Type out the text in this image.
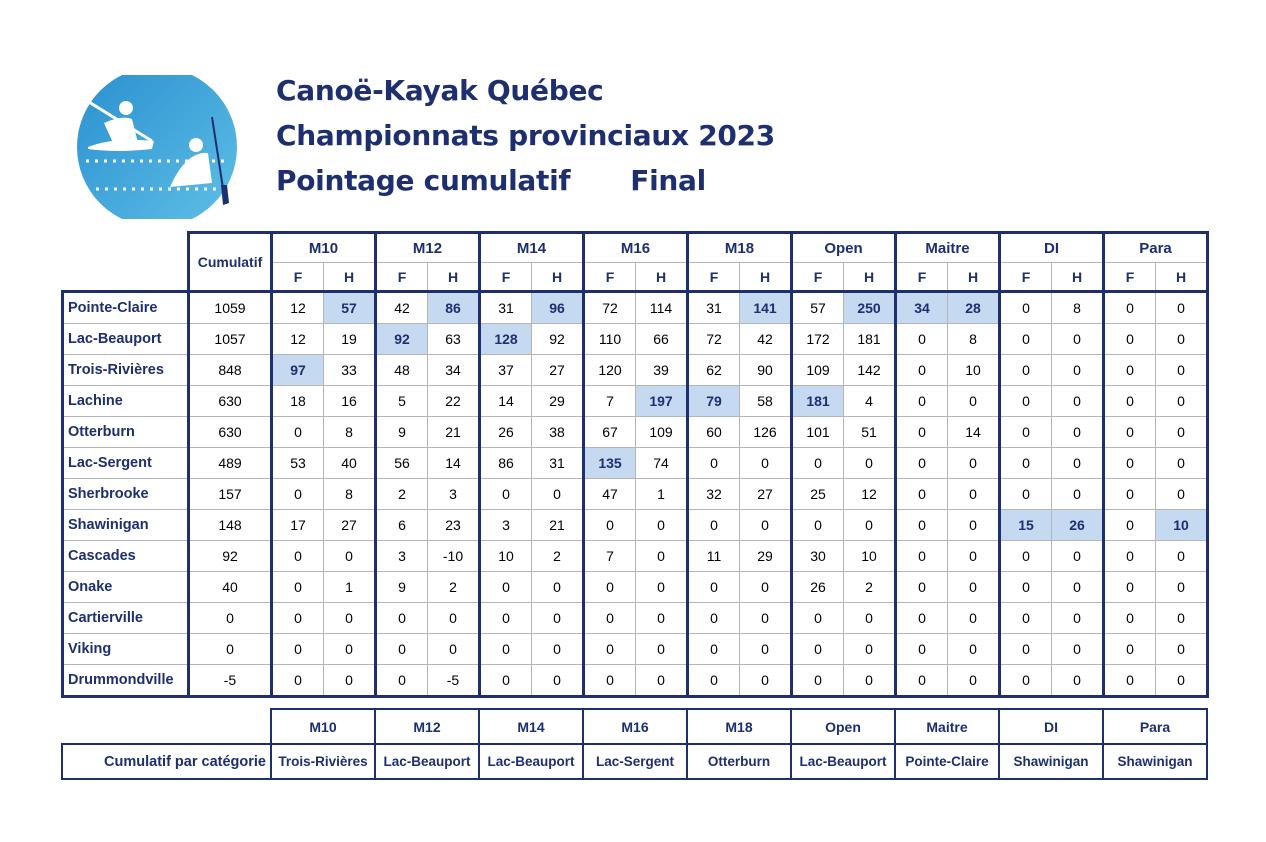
Canoë-Kayak Québec
Championnats provinciaux 2023
Pointage cumulatif Final
	Cumulatif	M10		M12		M14		M16		M18		Open		Maitre		DI		Para	
		F	H	F	H	F	H	F	H	F	H	F	H	F	H	F	H	F	H
Pointe-Claire	1059	12	57	42	86	31	96	72	114	31	141	57	250	34	28	0	8	0	0
Lac-Beauport	1057	12	19	92	63	128	92	110	66	72	42	172	181	0	8	0	0	0	0
Trois-Rivières	848	97	33	48	34	37	27	120	39	62	90	109	142	0	10	0	0	0	0
Lachine	630	18	16	5	22	14	29	7	197	79	58	181	4	0	0	0	0	0	0
Otterburn	630	0	8	9	21	26	38	67	109	60	126	101	51	0	14	0	0	0	0
Lac-Sergent	489	53	40	56	14	86	31	135	74	0	0	0	0	0	0	0	0	0	0
Sherbrooke	157	0	8	2	3	0	0	47	1	32	27	25	12	0	0	0	0	0	0
Shawinigan	148	17	27	6	23	3	21	0	0	0	0	0	0	0	0	15	26	0	10
Cascades	92	0	0	3	-10	10	2	7	0	11	29	30	10	0	0	0	0	0	0
Onake	40	0	1	9	2	0	0	0	0	0	0	26	2	0	0	0	0	0	0
Cartierville	0	0	0	0	0	0	0	0	0	0	0	0	0	0	0	0	0	0	0
Viking	0	0	0	0	0	0	0	0	0	0	0	0	0	0	0	0	0	0	0
Drummondville	-5	0	0	0	-5	0	0	0	0	0	0	0	0	0	0	0	0	0	0
	M10	M12	M14	M16	M18	Open	Maitre	DI	Para
Cumulatif par catégorie	Trois-Rivières	Lac-Beauport	Lac-Beauport	Lac-Sergent	Otterburn	Lac-Beauport	Pointe-Claire	Shawinigan	Shawinigan
